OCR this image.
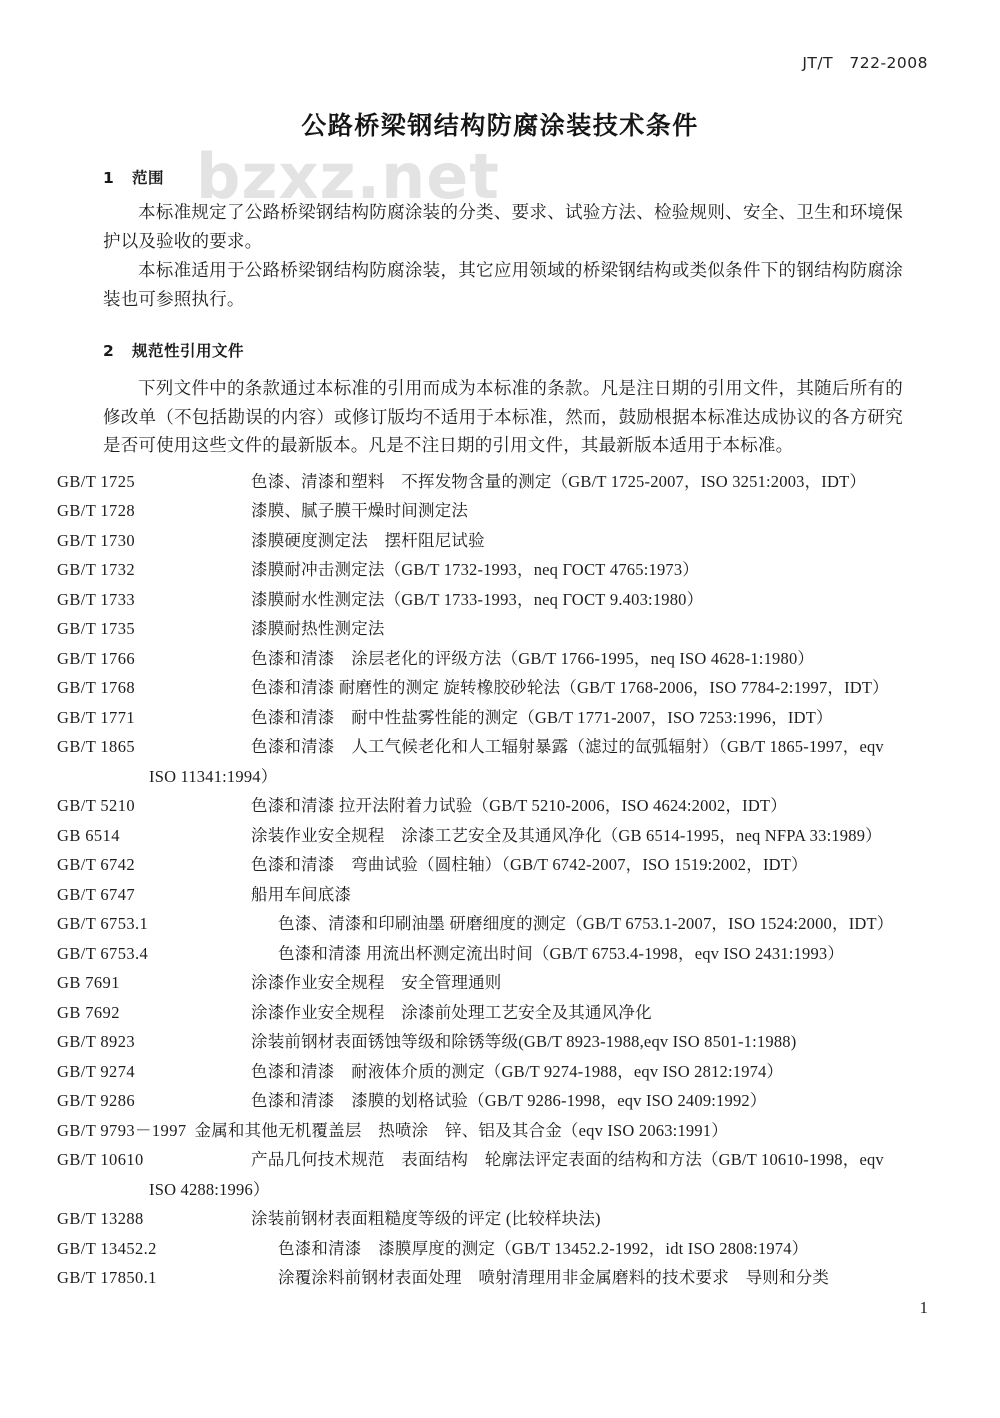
bzxz.net
JT/T   722-2008
公路桥梁钢结构防腐涂装技术条件
1   范围

本标准规定了公路桥梁钢结构防腐涂装的分类、要求、试验方法、检验规则、安全、卫生和环境保护以及验收的要求。

本标准适用于公路桥梁钢结构防腐涂装，其它应用领域的桥梁钢结构或类似条件下的钢结构防腐涂装也可参照执行。

2   规范性引用文件

下列文件中的条款通过本标准的引用而成为本标准的条款。凡是注日期的引用文件，其随后所有的修改单（不包括勘误的内容）或修订版均不适用于本标准，然而，鼓励根据本标准达成协议的各方研究是否可使用这些文件的最新版本。凡是不注日期的引用文件，其最新版本适用于本标准。

GB/T 1725	色漆、清漆和塑料　不挥发物含量的测定（GB/T 1725-2007，ISO 3251:2003，IDT）

GB/T 1728	漆膜、腻子膜干燥时间测定法

GB/T 1730	漆膜硬度测定法　摆杆阻尼试验

GB/T 1732	漆膜耐冲击测定法（GB/T 1732-1993，neq ГОСТ 4765:1973）

GB/T 1733	漆膜耐水性测定法（GB/T 1733-1993，neq ГОСТ 9.403:1980）

GB/T 1735	漆膜耐热性测定法

GB/T 1766	色漆和清漆　涂层老化的评级方法（GB/T 1766-1995，neq ISO 4628-1:1980）

GB/T 1768	色漆和清漆 耐磨性的测定 旋转橡胶砂轮法（GB/T 1768-2006，ISO 7784-2:1997，IDT）

GB/T 1771	色漆和清漆　耐中性盐雾性能的测定（GB/T 1771-2007，ISO 7253:1996，IDT）

GB/T 1865	色漆和清漆　人工气候老化和人工辐射暴露（滤过的氙弧辐射）（GB/T 1865-1997，eqv ISO 11341:1994）

GB/T 5210	色漆和清漆 拉开法附着力试验（GB/T 5210-2006，ISO 4624:2002，IDT）

GB 6514	涂装作业安全规程　涂漆工艺安全及其通风净化（GB 6514-1995，neq NFPA 33:1989）

GB/T 6742	色漆和清漆　弯曲试验（圆柱轴）（GB/T 6742-2007，ISO 1519:2002，IDT）

GB/T 6747	船用车间底漆

GB/T 6753.1	色漆、清漆和印刷油墨 研磨细度的测定（GB/T 6753.1-2007，ISO 1524:2000，IDT）

GB/T 6753.4	色漆和清漆 用流出杯测定流出时间（GB/T 6753.4-1998，eqv ISO 2431:1993）

GB 7691	涂漆作业安全规程　安全管理通则

GB 7692	涂漆作业安全规程　涂漆前处理工艺安全及其通风净化

GB/T 8923	涂装前钢材表面锈蚀等级和除锈等级(GB/T 8923-1988,eqv ISO 8501-1:1988)

GB/T 9274	色漆和清漆　耐液体介质的测定（GB/T 9274-1988，eqv ISO 2812:1974）

GB/T 9286	色漆和清漆　漆膜的划格试验（GB/T 9286-1998，eqv ISO 2409:1992）

GB/T 9793－1997 金属和其他无机覆盖层　热喷涂　锌、铝及其合金（eqv ISO 2063:1991）

GB/T 10610	产品几何技术规范　表面结构　轮廓法评定表面的结构和方法（GB/T 10610-1998，eqv ISO 4288:1996）

GB/T 13288	涂装前钢材表面粗糙度等级的评定 (比较样块法)

GB/T 13452.2	色漆和清漆　漆膜厚度的测定（GB/T 13452.2-1992，idt ISO 2808:1974）

GB/T 17850.1	涂覆涂料前钢材表面处理　喷射清理用非金属磨料的技术要求　导则和分类

1
